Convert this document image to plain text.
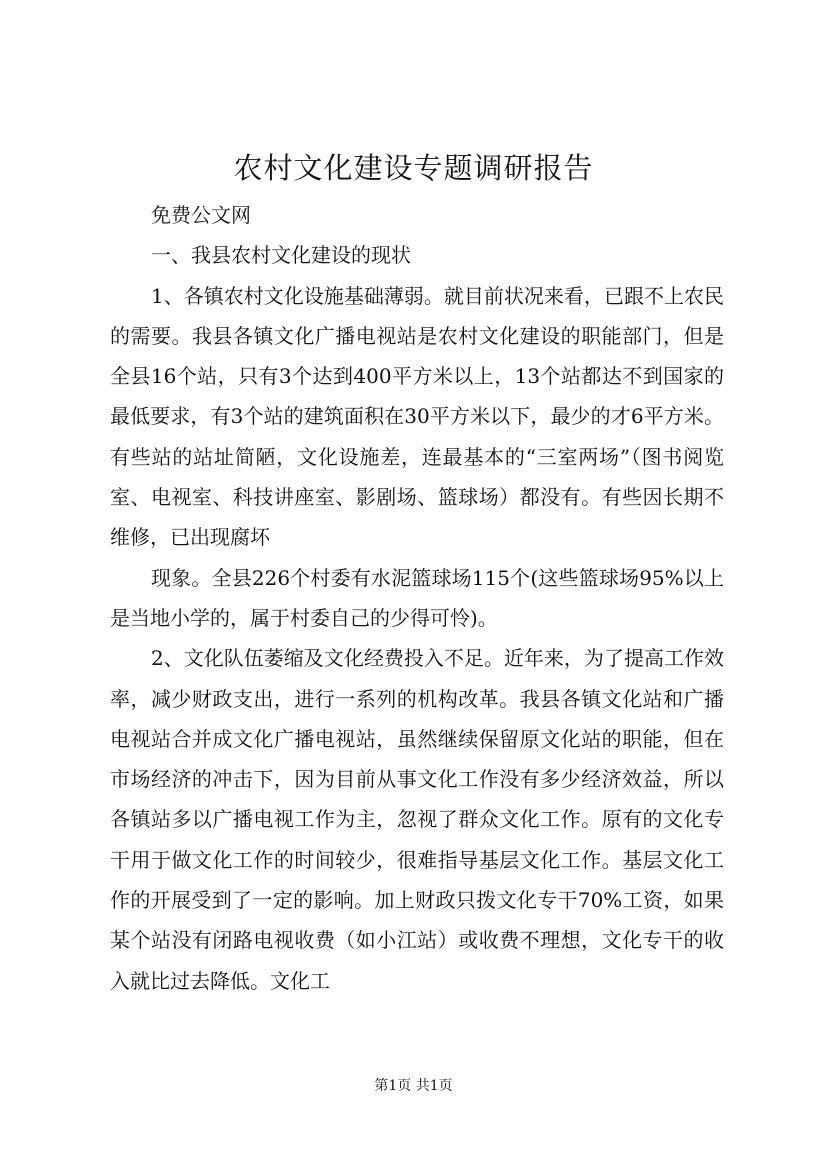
农村文化建设专题调研报告

免费公文网

一、我县农村文化建设的现状

1、各镇农村文化设施基础薄弱。就目前状况来看，已跟不上农民的需要。我县各镇文化广播电视站是农村文化建设的职能部门，但是全县16个站，只有3个达到400平方米以上，13个站都达不到国家的最低要求，有3个站的建筑面积在30平方米以下，最少的才6平方米。有些站的站址简陋，文化设施差，连最基本的“三室两场”（图书阅览室、电视室、科技讲座室、影剧场、篮球场）都没有。有些因长期不维修，已出现腐坏

现象。全县226个村委有水泥篮球场115个(这些篮球场95%以上是当地小学的，属于村委自己的少得可怜)。

2、文化队伍萎缩及文化经费投入不足。近年来，为了提高工作效率，减少财政支出，进行一系列的机构改革。我县各镇文化站和广播电视站合并成文化广播电视站，虽然继续保留原文化站的职能，但在市场经济的冲击下，因为目前从事文化工作没有多少经济效益，所以各镇站多以广播电视工作为主，忽视了群众文化工作。原有的文化专干用于做文化工作的时间较少，很难指导基层文化工作。基层文化工作的开展受到了一定的影响。加上财政只拨文化专干70%工资，如果某个站没有闭路电视收费（如小江站）或收费不理想，文化专干的收入就比过去降低。文化工

第1页 共1页
